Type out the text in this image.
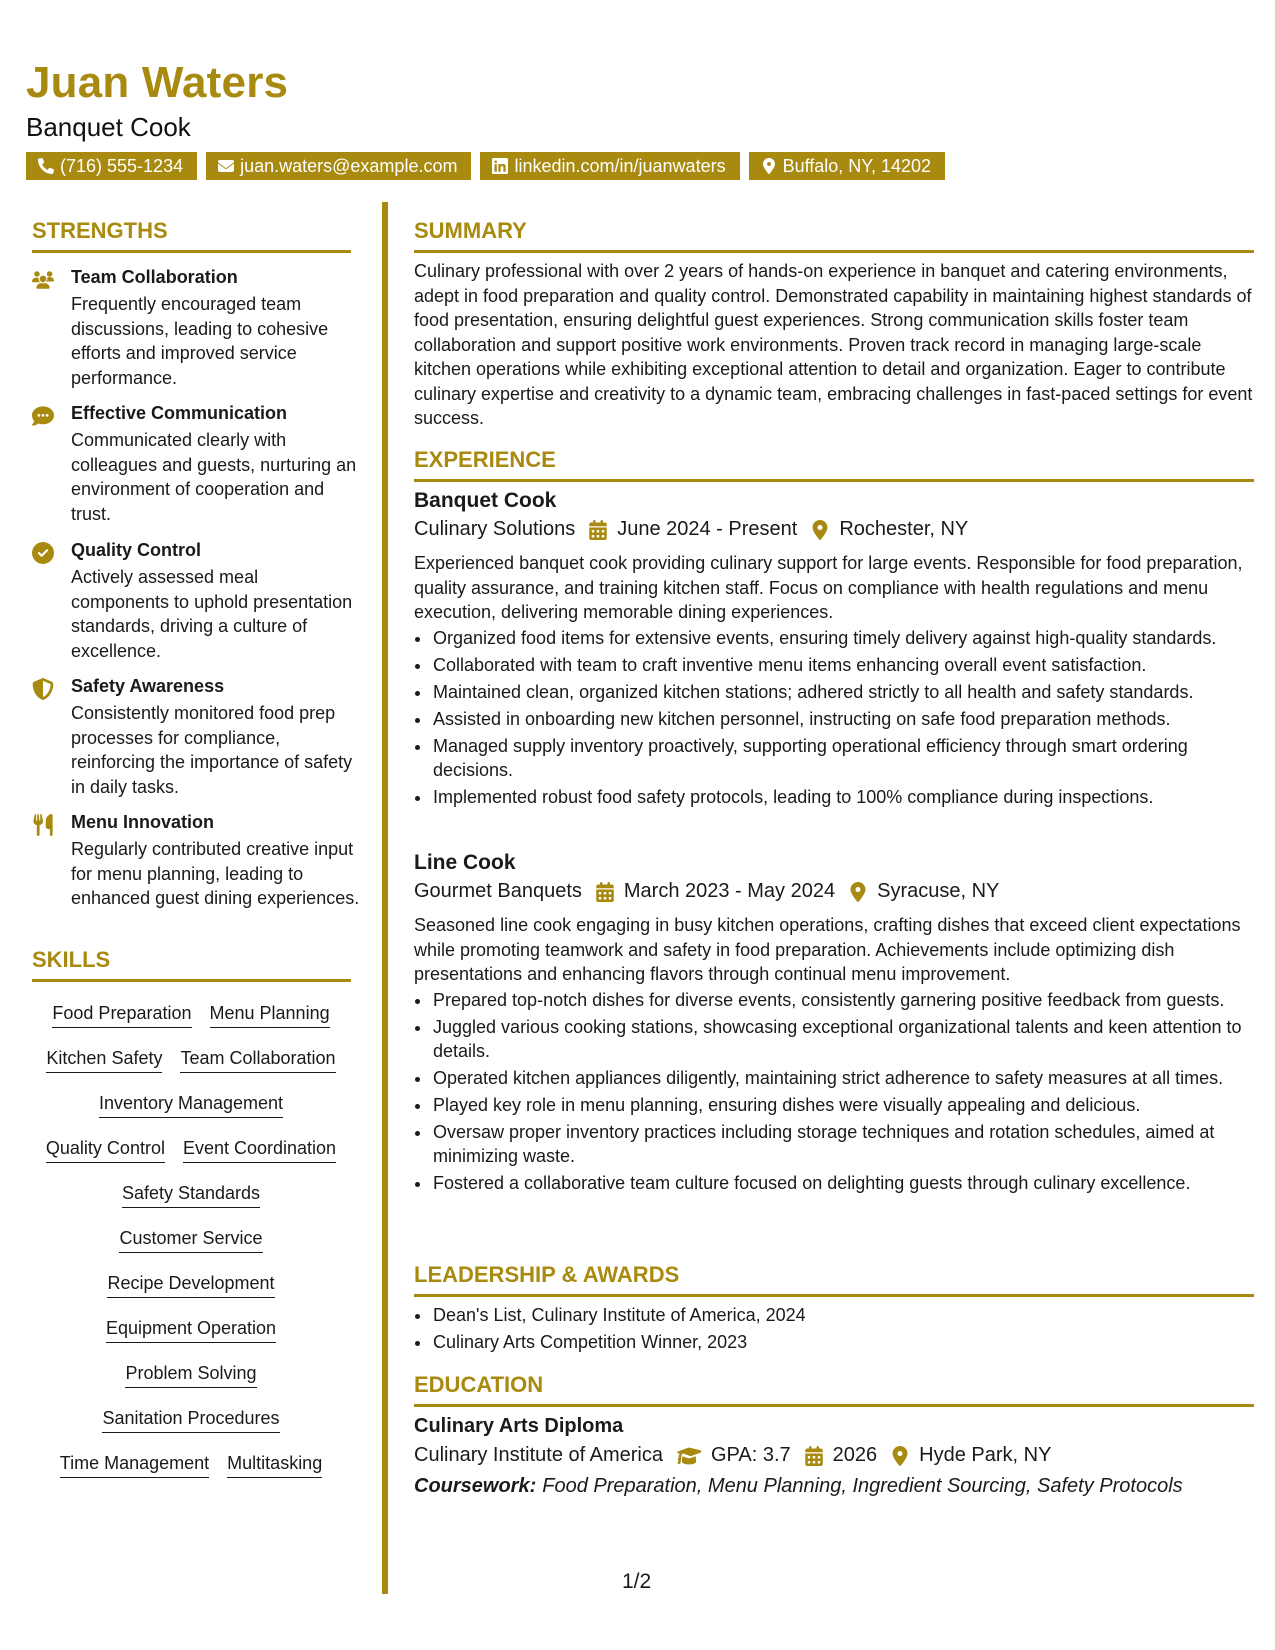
Juan Waters
Banquet Cook
(716) 555-1234	juan.waters@example.com	linkedin.com/in/juanwaters	Buffalo, NY, 14202
STRENGTHS
Team Collaboration
Frequently encouraged team discussions, leading to cohesive efforts and improved service performance.
Effective Communication
Communicated clearly with colleagues and guests, nurturing an environment of cooperation and trust.
Quality Control
Actively assessed meal components to uphold presentation standards, driving a culture of excellence.
Safety Awareness
Consistently monitored food prep processes for compliance, reinforcing the importance of safety in daily tasks.
Menu Innovation
Regularly contributed creative input for menu planning, leading to enhanced guest dining experiences.
SKILLS
Food Preparation Menu Planning
Kitchen Safety Team Collaboration
Inventory Management
Quality Control Event Coordination
Safety Standards
Customer Service
Recipe Development
Equipment Operation
Problem Solving
Sanitation Procedures
Time Management Multitasking
SUMMARY
Culinary professional with over 2 years of hands-on experience in banquet and catering environments, adept in food preparation and quality control. Demonstrated capability in maintaining highest standards of food presentation, ensuring delightful guest experiences. Strong communication skills foster team collaboration and support positive work environments. Proven track record in managing large-scale kitchen operations while exhibiting exceptional attention to detail and organization. Eager to contribute culinary expertise and creativity to a dynamic team, embracing challenges in fast-paced settings for event success.
EXPERIENCE
Banquet Cook
Culinary Solutions June 2024 - Present Rochester, NY
Experienced banquet cook providing culinary support for large events. Responsible for food preparation, quality assurance, and training kitchen staff. Focus on compliance with health regulations and menu execution, delivering memorable dining experiences.
• Organized food items for extensive events, ensuring timely delivery against high-quality standards.
• Collaborated with team to craft inventive menu items enhancing overall event satisfaction.
• Maintained clean, organized kitchen stations; adhered strictly to all health and safety standards.
• Assisted in onboarding new kitchen personnel, instructing on safe food preparation methods.
• Managed supply inventory proactively, supporting operational efficiency through smart ordering decisions.
• Implemented robust food safety protocols, leading to 100% compliance during inspections.
Line Cook
Gourmet Banquets March 2023 - May 2024 Syracuse, NY
Seasoned line cook engaging in busy kitchen operations, crafting dishes that exceed client expectations while promoting teamwork and safety in food preparation. Achievements include optimizing dish presentations and enhancing flavors through continual menu improvement.
• Prepared top-notch dishes for diverse events, consistently garnering positive feedback from guests.
• Juggled various cooking stations, showcasing exceptional organizational talents and keen attention to details.
• Operated kitchen appliances diligently, maintaining strict adherence to safety measures at all times.
• Played key role in menu planning, ensuring dishes were visually appealing and delicious.
• Oversaw proper inventory practices including storage techniques and rotation schedules, aimed at minimizing waste.
• Fostered a collaborative team culture focused on delighting guests through culinary excellence.
LEADERSHIP & AWARDS
• Dean's List, Culinary Institute of America, 2024
• Culinary Arts Competition Winner, 2023
EDUCATION
Culinary Arts Diploma
Culinary Institute of America GPA: 3.7 2026 Hyde Park, NY
Coursework: Food Preparation, Menu Planning, Ingredient Sourcing, Safety Protocols
1/2
